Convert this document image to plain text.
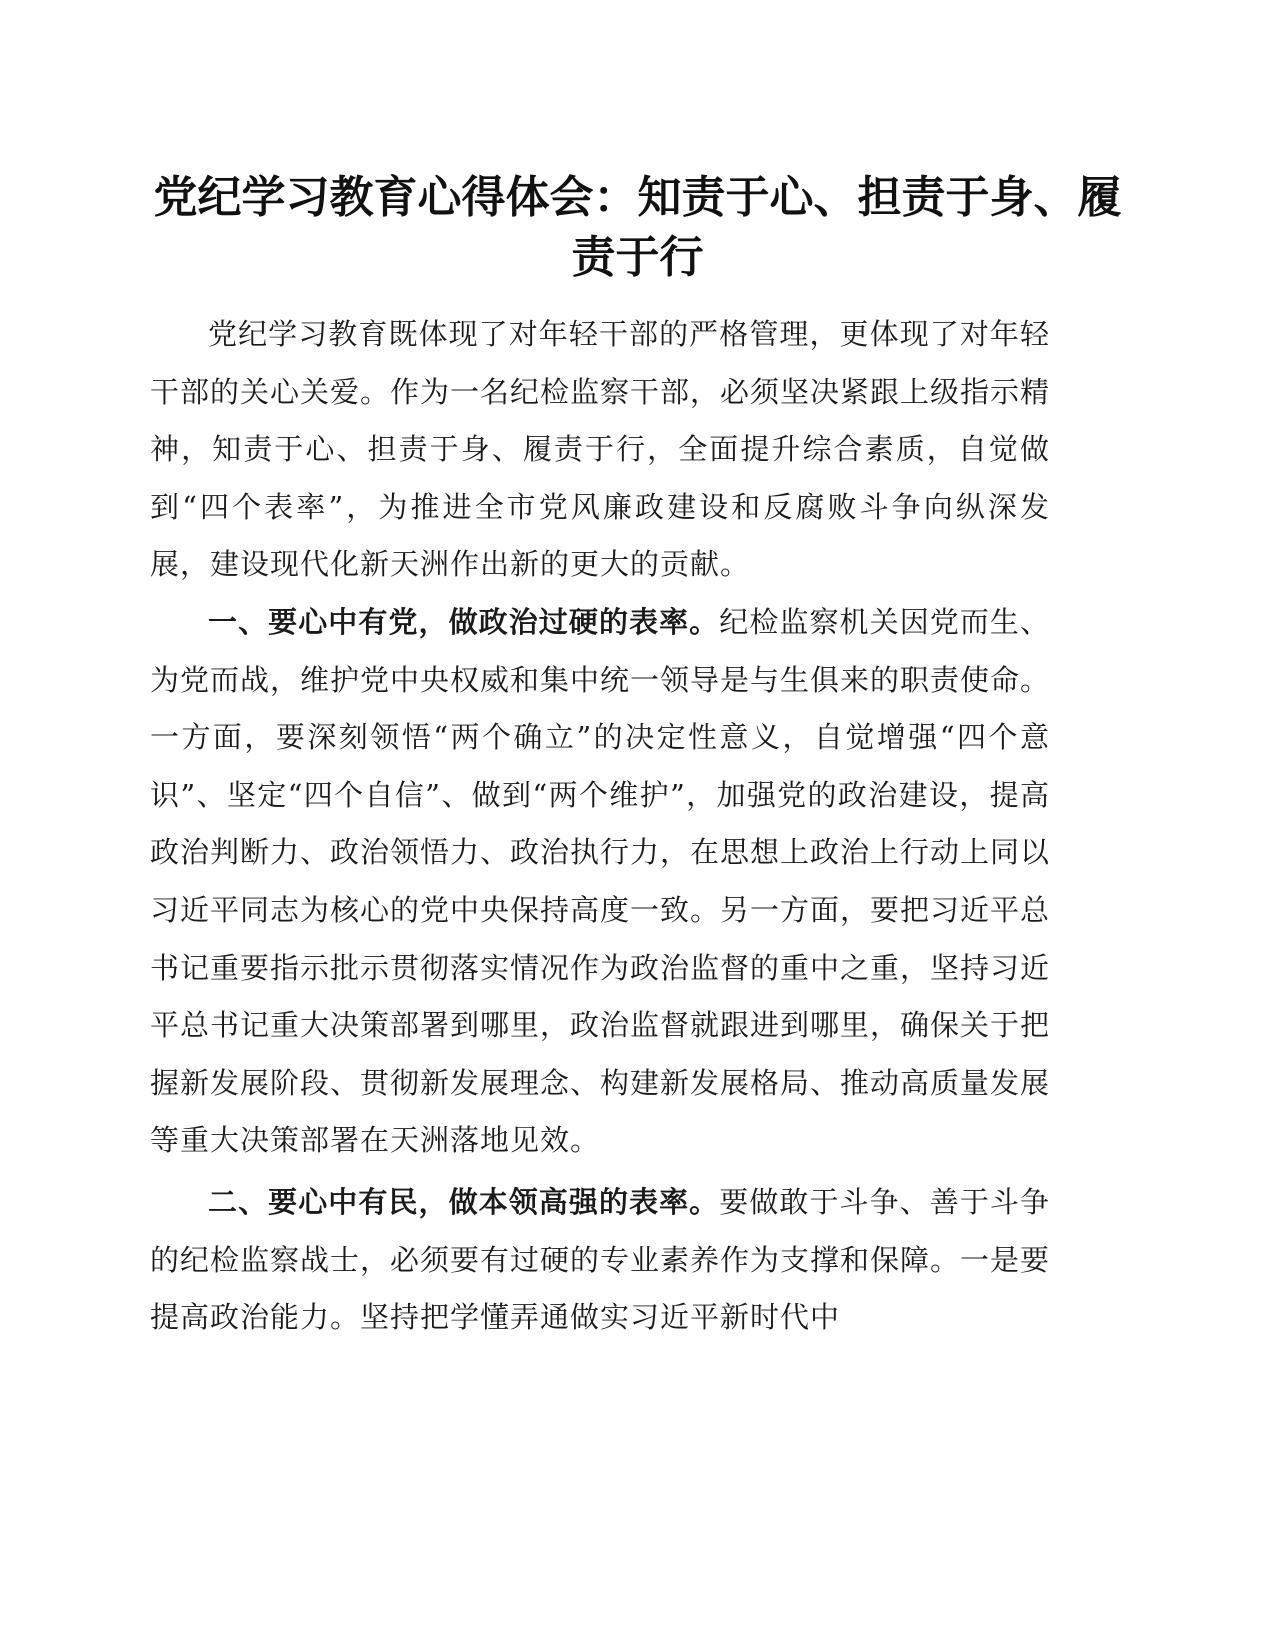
党纪学习教育心得体会：知责于心、担责于身、履责于行

党纪学习教育既体现了对年轻干部的严格管理，更体现了对年轻干部的关心关爱。作为一名纪检监察干部，必须坚决紧跟上级指示精神，知责于心、担责于身、履责于行，全面提升综合素质，自觉做到“四个表率”，为推进全市党风廉政建设和反腐败斗争向纵深发展，建设现代化新天洲作出新的更大的贡献。

一、要心中有党，做政治过硬的表率。纪检监察机关因党而生、为党而战，维护党中央权威和集中统一领导是与生俱来的职责使命。一方面，要深刻领悟“两个确立”的决定性意义，自觉增强“四个意识”、坚定“四个自信”、做到“两个维护”，加强党的政治建设，提高政治判断力、政治领悟力、政治执行力，在思想上政治上行动上同以习近平同志为核心的党中央保持高度一致。另一方面，要把习近平总书记重要指示批示贯彻落实情况作为政治监督的重中之重，坚持习近平总书记重大决策部署到哪里，政治监督就跟进到哪里，确保关于把握新发展阶段、贯彻新发展理念、构建新发展格局、推动高质量发展等重大决策部署在天洲落地见效。

二、要心中有民，做本领高强的表率。要做敢于斗争、善于斗争的纪检监察战士，必须要有过硬的专业素养作为支撑和保障。一是要提高政治能力。坚持把学懂弄通做实习近平新时代中
